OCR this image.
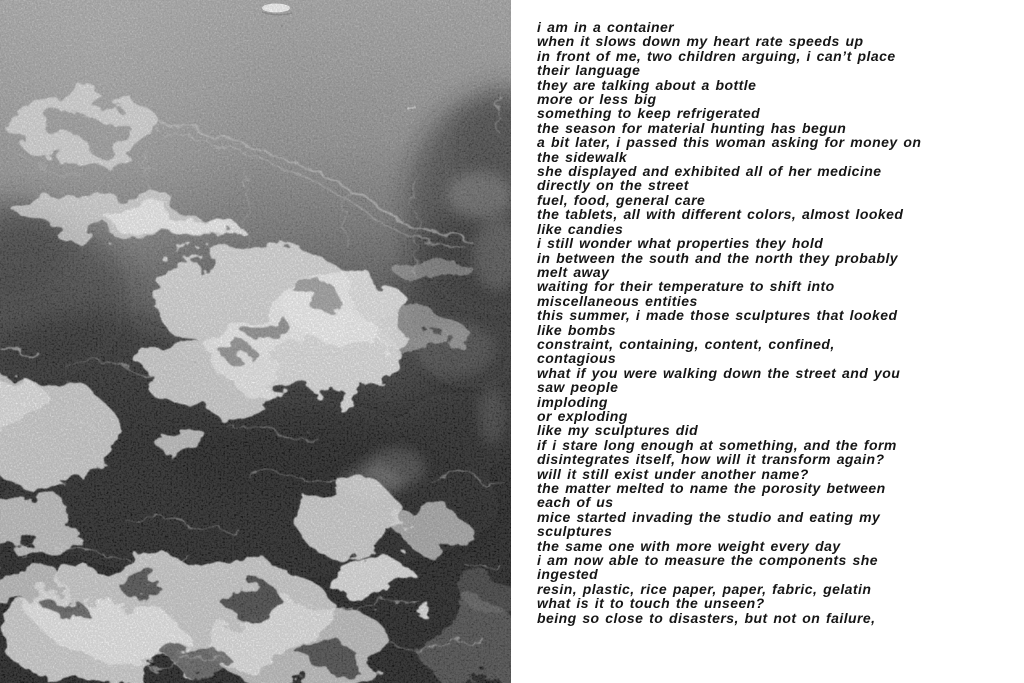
i am in a container
when it slows down my heart rate speeds up
in front of me, two children arguing, i can’t place
their language
they are talking about a bottle
more or less big
something to keep refrigerated
the season for material hunting has begun
a bit later, i passed this woman asking for money on
the sidewalk
she displayed and exhibited all of her medicine
directly on the street
fuel, food, general care
the tablets, all with different colors, almost looked
like candies
i still wonder what properties they hold
in between the south and the north they probably
melt away
waiting for their temperature to shift into
miscellaneous entities
this summer, i made those sculptures that looked
like bombs
constraint, containing, content, confined,
contagious
what if you were walking down the street and you
saw people
imploding
or exploding
like my sculptures did
if i stare long enough at something, and the form
disintegrates itself, how will it transform again?
will it still exist under another name?
the matter melted to name the porosity between
each of us
mice started invading the studio and eating my
sculptures
the same one with more weight every day
i am now able to measure the components she
ingested
resin, plastic, rice paper, paper, fabric, gelatin
what is it to touch the unseen?
being so close to disasters, but not on failure,
